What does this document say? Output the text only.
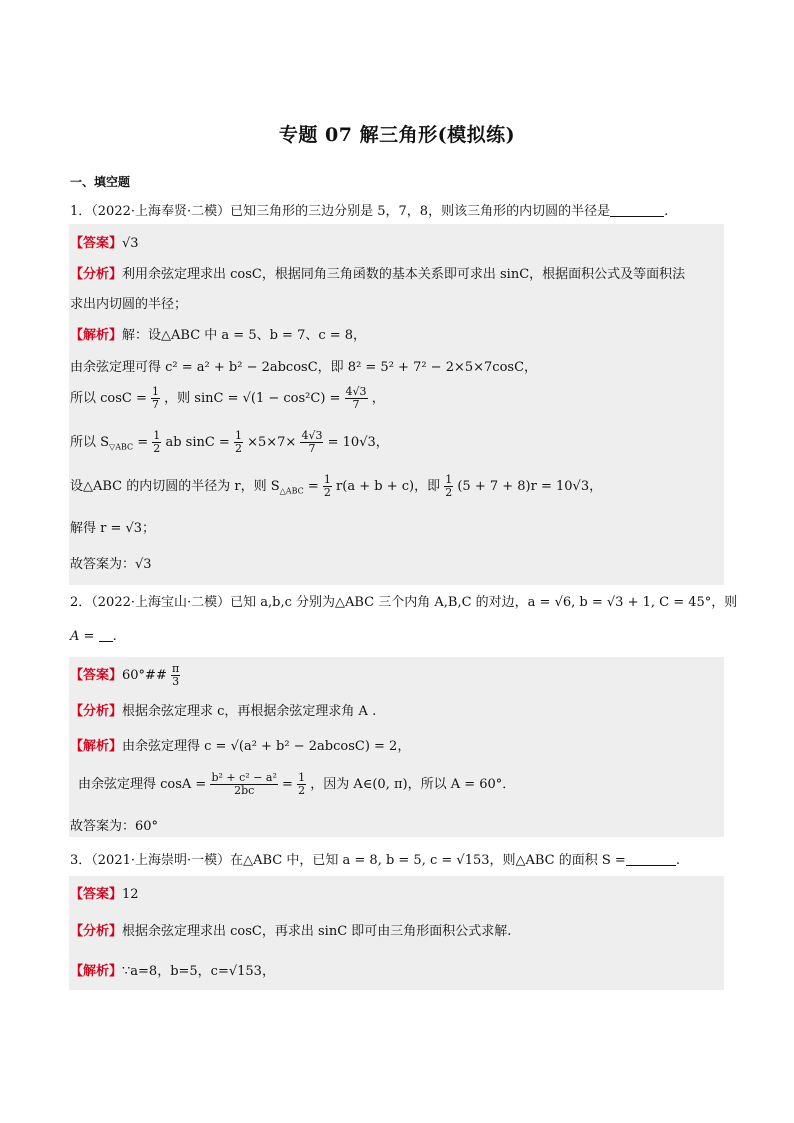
专题 07 解三角形(模拟练)
一、填空题
1．（2022·上海奉贤·二模）已知三角形的三边分别是 5，7，8，则该三角形的内切圆的半径是	.
【答案】√3
【分析】利用余弦定理求出 cosC，根据同角三角函数的基本关系即可求出 sinC，根据面积公式及等面积法
求出内切圆的半径；
【解析】解：设△ABC 中 a = 5、b = 7、c = 8，
由余弦定理可得 c² = a² + b² − 2abcosC，即 8² = 5² + 7² − 2×5×7cosC，
所以 $\cos C = \frac{1}{7}$ ，则 $\sin C = √(1 - \cos^2C) = \frac{4√3}{7}$ ，
所以 $S_{▽ABC} = \frac{1}{2}$ ab $\sin C = \frac{1}{2} \times 5\times 7\times \frac{4√3}{7} = 10√3$，
设△ABC 的内切圆的半径为 r，则 $S_{\triangle ABC} = \frac{1}{2} r(a + b + c)$，即 $\frac{1}{2} (5 + 7 + 8)r = 10√3$，
解得 r = √3；
故答案为：√3
2．（2022·上海宝山·二模）已知 a,b,c 分别为△ABC 三个内角 A,B,C 的对边，a = √6, b = √3 + 1, C = 45°，则
A = .
【答案】60°## $\frac{\pi}{3}$
【分析】根据余弦定理求 c，再根据余弦定理求角 A .
【解析】由余弦定理得 c = √(a² + b² − 2abcosC) = 2，
由余弦定理得 $\cos A = \frac{\text{b² + c² − a²}}{2bc} = \frac{1}{2}$ ，因为 A∈(0, π)，所以 A = 60°．
故答案为：60°
3．（2021·上海崇明·一模）在△ABC 中，已知 a = 8, b = 5, c = √153，则△ABC 的面积 S =	.
【答案】12
【分析】根据余弦定理求出 cosC，再求出 sinC 即可由三角形面积公式求解.
【解析】∵a=8，b=5，c=√153，
